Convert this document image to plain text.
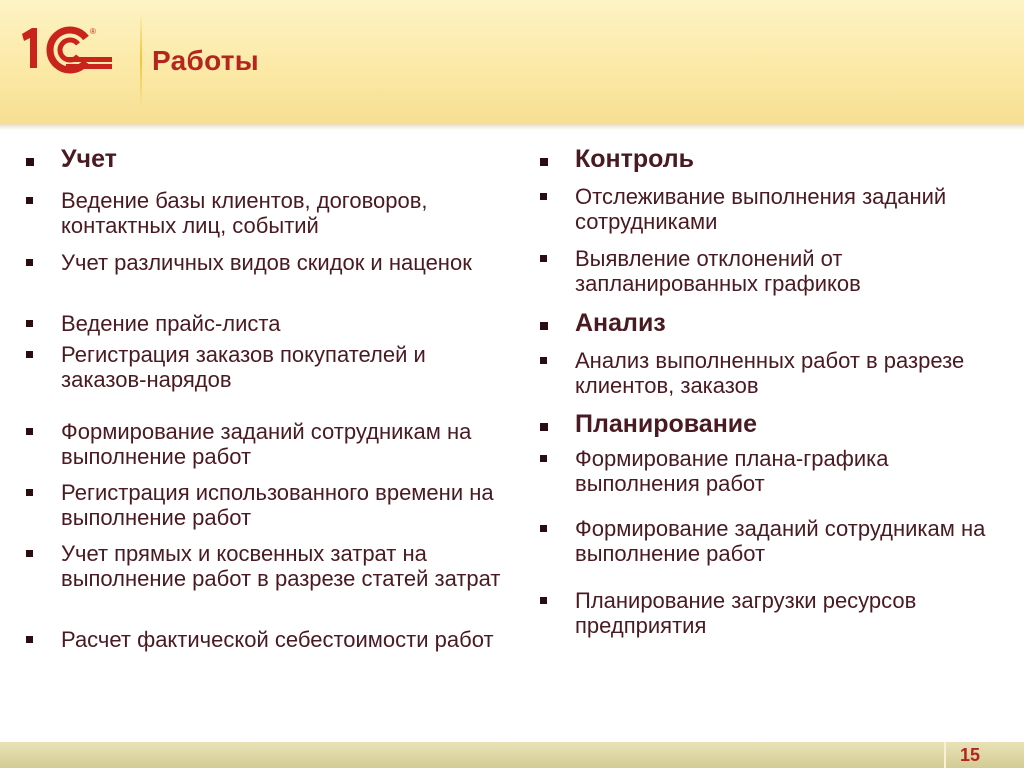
®
Работы
Учет
Ведение базы клиентов, договоров, контактных лиц, событий
Учет различных видов скидок и наценок
Ведение прайс-листа
Регистрация заказов покупателей и заказов-нарядов
Формирование заданий сотрудникам на выполнение работ
Регистрация использованного времени на выполнение работ
Учет прямых и косвенных затрат на выполнение работ в разрезе статей затрат
Расчет фактической себестоимости работ
Контроль
Отслеживание выполнения заданий сотрудниками
Выявление отклонений от запланированных графиков
Анализ
Анализ выполненных работ в разрезе клиентов, заказов
Планирование
Формирование плана-графика выполнения работ
Формирование заданий сотрудникам на выполнение работ
Планирование загрузки ресурсов предприятия
15
